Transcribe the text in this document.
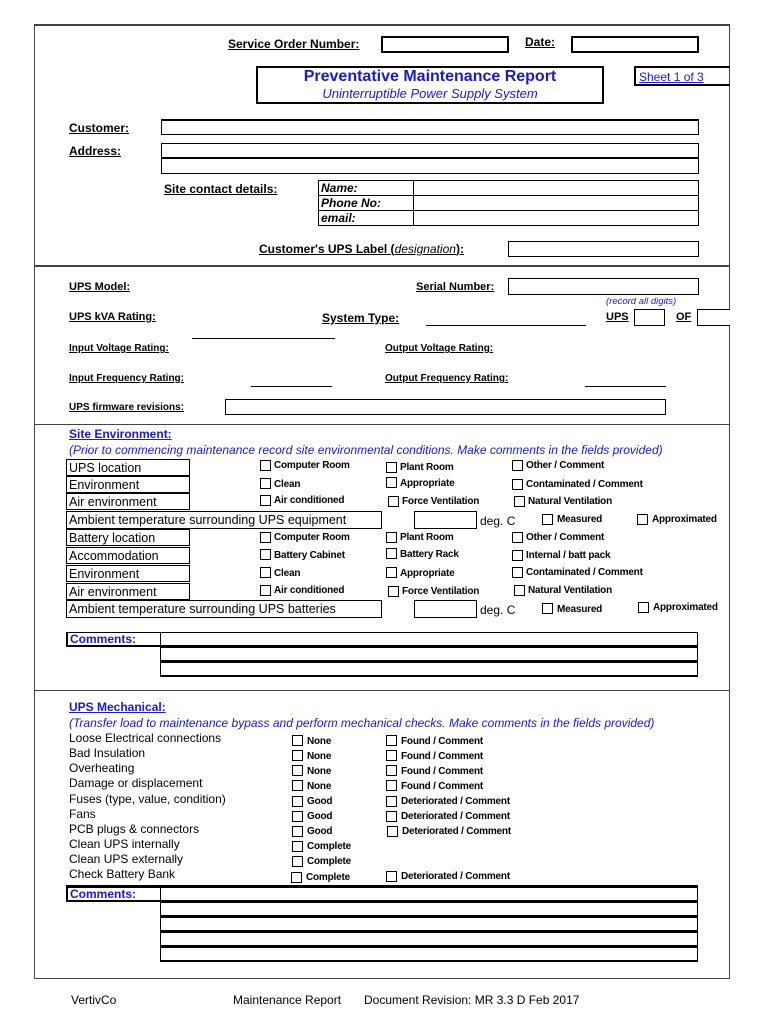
Service Order Number:	Date:
Preventative Maintenance Report
Uninterruptible Power Supply System
Sheet 1 of 3
Customer:
Address:
Site contact details:	Name:	
Phone No:	
email:	
Customer's UPS Label (designation):
UPS Model:	Serial Number:
(record all digits)
UPS kVA Rating:	System Type:	UPS	OF
Input Voltage Rating:	Output Voltage Rating:
Input Frequency Rating:	Output Frequency Rating:
UPS firmware revisions:
Site Environment:
(Prior to commencing maintenance record site environmental conditions. Make comments in the fields provided)
UPS location	Computer Room	Plant Room	Other / Comment
Environment	Clean	Appropriate	Contaminated / Comment
Air environment	Air conditioned	Force Ventilation	Natural Ventilation
Ambient temperature surrounding UPS equipment	deg. C	Measured	Approximated
Battery location	Computer Room	Plant Room	Other / Comment
Accommodation	Battery Cabinet	Battery Rack	Internal / batt pack
Environment	Clean	Appropriate	Contaminated / Comment
Air environment	Air conditioned	Force Ventilation	Natural Ventilation
Ambient temperature surrounding UPS batteries	deg. C	Measured	Approximated
Comments:
UPS Mechanical:
(Transfer load to maintenance bypass and perform mechanical checks. Make comments in the fields provided)
Loose Electrical connections	None	Found / Comment
Bad Insulation	None	Found / Comment
Overheating	None	Found / Comment
Damage or displacement	None	Found / Comment
Fuses (type, value, condition)	Good	Deteriorated / Comment
Fans	Good	Deteriorated / Comment
PCB plugs & connectors	Good	Deteriorated / Comment
Clean UPS internally	Complete
Clean UPS externally	Complete
Check Battery Bank	Complete	Deteriorated / Comment
Comments:
VertivCo	Maintenance Report Document Revision: MR 3.3 D Feb 2017
